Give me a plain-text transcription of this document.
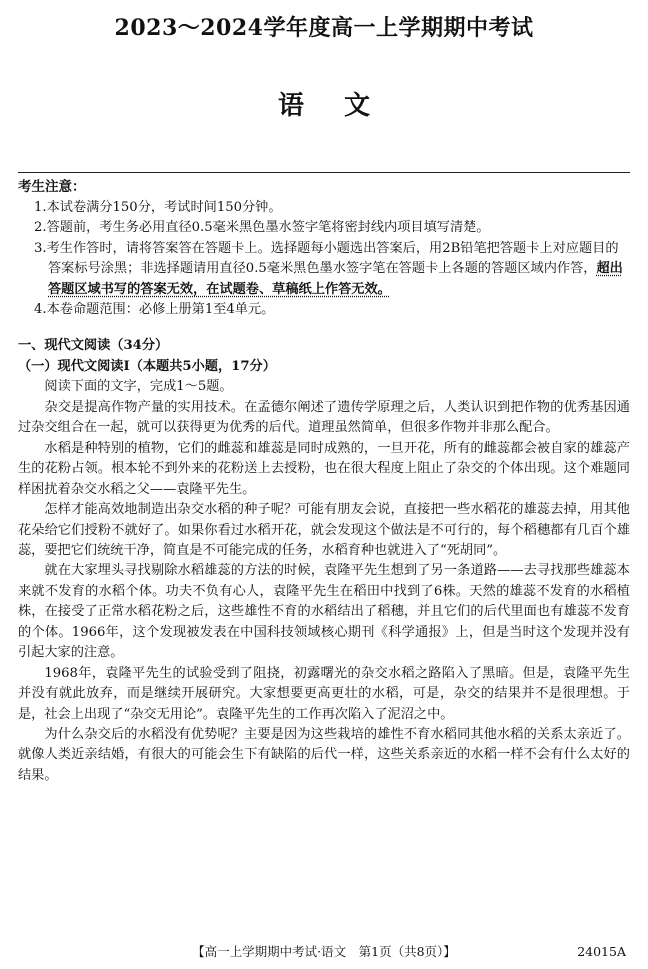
2023～2024学年度高一上学期期中考试
语文
考生注意：
1.本试卷满分150分，考试时间150分钟。
2.答题前，考生务必用直径0.5毫米黑色墨水签字笔将密封线内项目填写清楚。
3.考生作答时，请将答案答在答题卡上。选择题每小题选出答案后，用2B铅笔把答题卡上对应题目的答案标号涂黑；非选择题请用直径0.5毫米黑色墨水签字笔在答题卡上各题的答题区域内作答，超出答题区域书写的答案无效，在试题卷、草稿纸上作答无效。
4.本卷命题范围：必修上册第1至4单元。
一、现代文阅读（34分）
（一）现代文阅读Ⅰ（本题共5小题，17分）

阅读下面的文字，完成1～5题。

杂交是提高作物产量的实用技术。在孟德尔阐述了遗传学原理之后，人类认识到把作物的优秀基因通过杂交组合在一起，就可以获得更为优秀的后代。道理虽然简单，但很多作物并非那么配合。

水稻是种特别的植物，它们的雌蕊和雄蕊是同时成熟的，一旦开花，所有的雌蕊都会被自家的雄蕊产生的花粉占领。根本轮不到外来的花粉送上去授粉，也在很大程度上阻止了杂交的个体出现。这个难题同样困扰着杂交水稻之父——袁隆平先生。

怎样才能高效地制造出杂交水稻的种子呢？可能有朋友会说，直接把一些水稻花的雄蕊去掉，用其他花朵给它们授粉不就好了。如果你看过水稻开花，就会发现这个做法是不可行的，每个稻穗都有几百个雄蕊，要把它们统统干净，简直是不可能完成的任务，水稻育种也就进入了“死胡同”。

就在大家埋头寻找剔除水稻雄蕊的方法的时候，袁隆平先生想到了另一条道路——去寻找那些雄蕊本来就不发育的水稻个体。功夫不负有心人，袁隆平先生在稻田中找到了6株。天然的雄蕊不发育的水稻植株，在接受了正常水稻花粉之后，这些雄性不育的水稻结出了稻穗，并且它们的后代里面也有雄蕊不发育的个体。1966年，这个发现被发表在中国科技领域核心期刊《科学通报》上，但是当时这个发现并没有引起大家的注意。

1968年，袁隆平先生的试验受到了阻挠，初露曙光的杂交水稻之路陷入了黑暗。但是，袁隆平先生并没有就此放弃，而是继续开展研究。大家想要更高更壮的水稻，可是，杂交的结果并不是很理想。于是，社会上出现了“杂交无用论”。袁隆平先生的工作再次陷入了泥沼之中。

为什么杂交后的水稻没有优势呢？主要是因为这些栽培的雄性不育水稻同其他水稻的关系太亲近了。就像人类近亲结婚，有很大的可能会生下有缺陷的后代一样，这些关系亲近的水稻一样不会有什么太好的结果。

【高一上学期期中考试·语文　第1页（共8页）】	24015A
